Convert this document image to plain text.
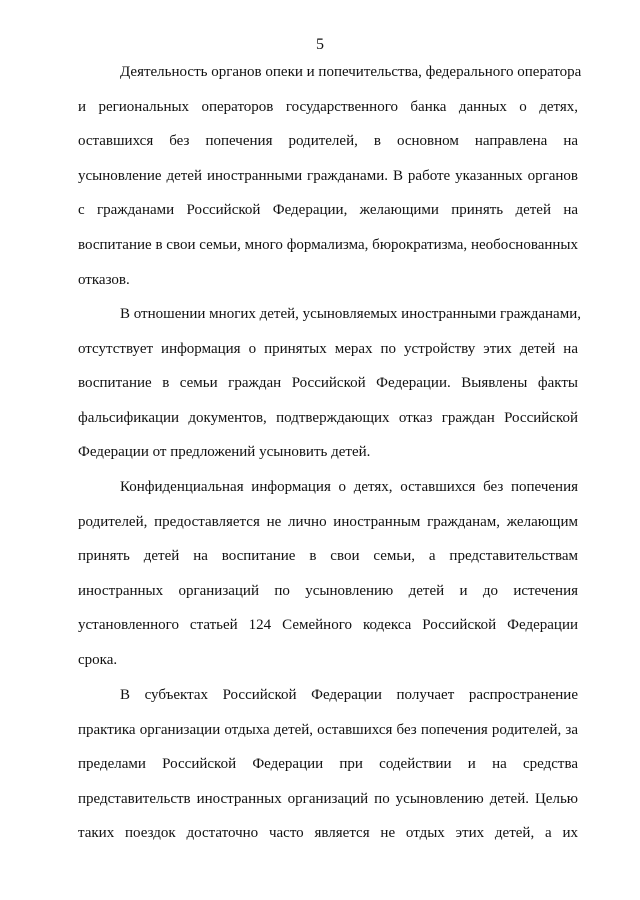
5
Деятельность органов опеки и попечительства, федерального оператора
и региональных операторов государственного банка данных о детях,
оставшихся без попечения родителей, в основном направлена на
усыновление детей иностранными гражданами. В работе указанных органов
с гражданами Российской Федерации, желающими принять детей на
воспитание в свои семьи, много формализма, бюрократизма, необоснованных
отказов.
В отношении многих детей, усыновляемых иностранными гражданами,
отсутствует информация о принятых мерах по устройству этих детей на
воспитание в семьи граждан Российской Федерации. Выявлены факты
фальсификации документов, подтверждающих отказ граждан Российской
Федерации от предложений усыновить детей.
Конфиденциальная информация о детях, оставшихся без попечения
родителей, предоставляется не лично иностранным гражданам, желающим
принять детей на воспитание в свои семьи, а представительствам
иностранных организаций по усыновлению детей и до истечения
установленного статьей 124 Семейного кодекса Российской Федерации
срока.
В субъектах Российской Федерации получает распространение
практика организации отдыха детей, оставшихся без попечения родителей, за
пределами Российской Федерации при содействии и на средства
представительств иностранных организаций по усыновлению детей. Целью
таких поездок достаточно часто является не отдых этих детей, а их
